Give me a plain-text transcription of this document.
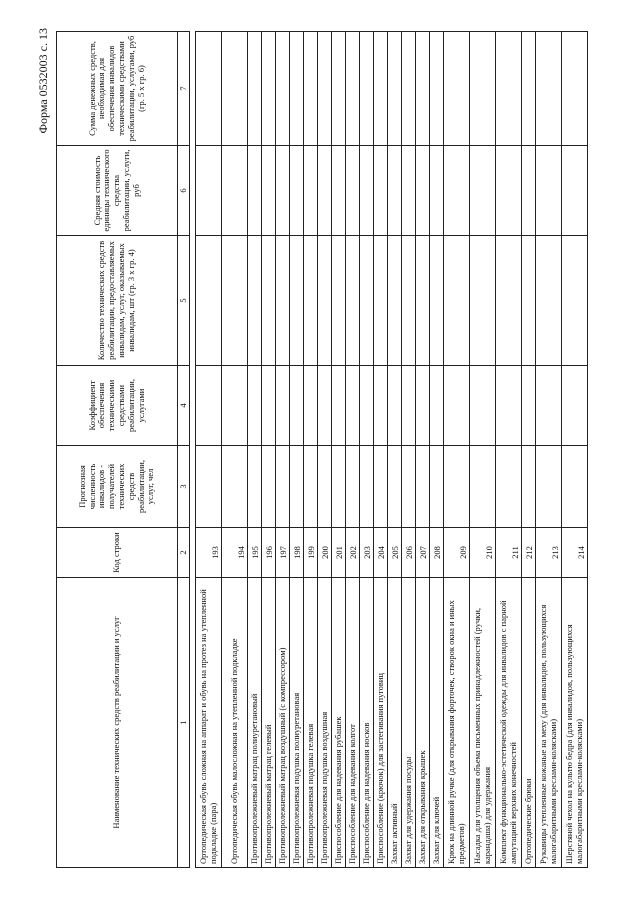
Форма 0532003 с. 13
Наименование технических средств реабилитации и услуг	Код строки	Прогнозная численность инвалидов - получателей технических средств реабилитации, услуг, чел	Коэффициент обеспечения техническими средствами реабилитации, услугами	Количество технических средств реабилитации, предоставляемых инвалидам, услуг, оказываемых инвалидам, шт (гр. 3 х гр. 4)	Средняя стоимость единицы технического средства реабилитации, услуги, руб	Сумма денежных средств, необходимая для обеспечения инвалидов техническими средствами реабилитации, услугами, руб (гр. 5 х гр. 6)
1	2	3	4	5	6	7

Ортопедическая обувь сложная на аппарат и обувь на протез на утепленной подкладке (пара)	193					
Ортопедическая обувь малосложная на утепленной подкладке	194					
Противопролежневый матрац полиуретановый	195					
Противопролежневый матрац гелевый	196					
Противопролежневый матрац воздушный (с компрессором)	197					
Противопролежневая подушка полиуретановая	198					
Противопролежневая подушка гелевая	199					
Противопролежневая подушка воздушная	200					
Приспособление для надевания рубашек	201					
Приспособление для надевания колгот	202					
Приспособление для надевания носков	203					
Приспособление (крючок) для застегивания пуговиц	204					
Захват активный	205					
Захват для удержания посуды	206					
Захват для открывания крышек	207					
Захват для ключей	208					
Крюк на длинной ручке (для открывания форточек, створок окна и иных предметов)	209					
Насадка для утолщения объема письменных принадлежностей (ручки, карандаша) для удержания	210					
Комплект функционально-эстетической одежды для инвалидов с парной ампутацией верхних конечностей	211					
Ортопедические брюки	212					
Рукавицы утепленные кожаные на меху (для инвалидов, пользующихся малогабаритными креслами-колясками)	213					
Шерстяной чехол на культю бедра (для инвалидов, пользующихся малогабаритными креслами-колясками)	214					
